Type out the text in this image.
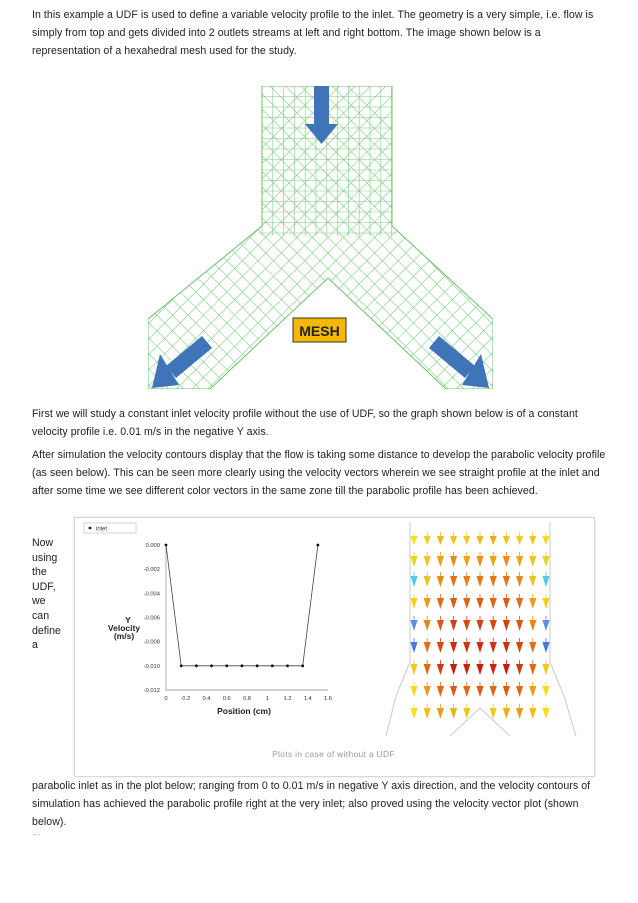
In this example a UDF is used to define a variable velocity profile to the inlet. The geometry is a very simple, i.e. flow is simply from top and gets divided into 2 outlets streams at left and right bottom. The image shown below is a representation of a hexahedral mesh used for the study.

MESH

First we will study a constant inlet velocity profile without the use of UDF, so the graph shown below is of a constant velocity profile i.e. 0.01 m/s in the negative Y axis.

After simulation the velocity contours display that the flow is taking some distance to develop the parabolic velocity profile (as seen below). This can be seen more clearly using the velocity vectors wherein we see straight profile at the inlet and after some time we see different color vectors in the same zone till the parabolic profile has been achieved.

Now
using
the
UDF,
we
can
define
a
inlet
0.000
-0.002
-0.004
-0.006
-0.008
-0.010
-0.012
0	0.2 0.4 0.6 0.8	1	1.2 1.4 1.6
Y
Velocity
(m/s)
Position (cm)
Plots in case of without a UDF

parabolic inlet as in the plot below; ranging from 0 to 0.01 m/s in negative Y axis direction, and the velocity contours of simulation has achieved the parabolic profile right at the very inlet; also proved using the velocity vector plot (shown below).

.. .
